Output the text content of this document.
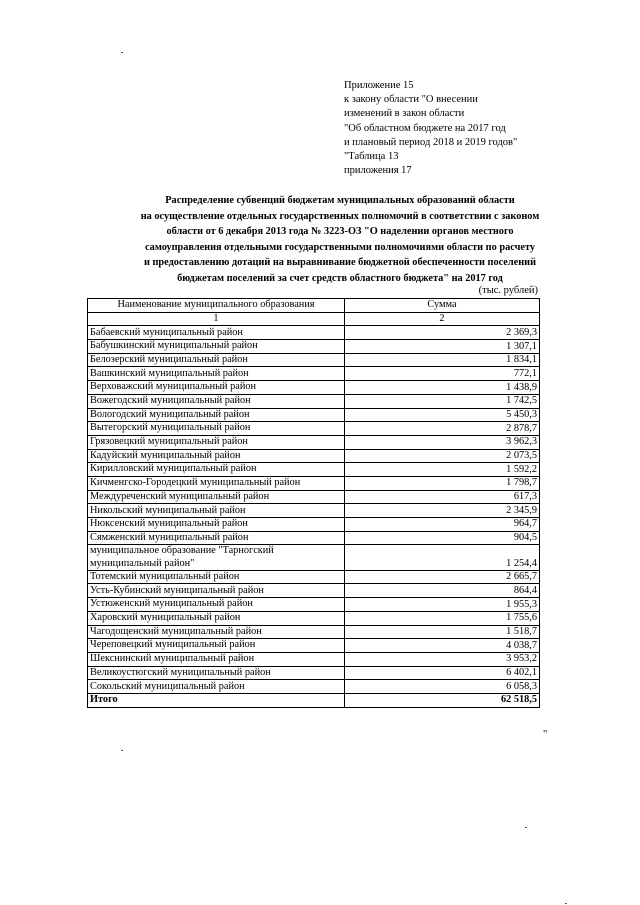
Приложение 15
к закону области "О внесении
изменений в закон области
"Об областном бюджете на 2017 год
и плановый период 2018 и 2019 годов"
"Таблица 13
приложения 17
Распределение субвенций бюджетам муниципальных образований области
на осуществление отдельных государственных полномочий в соответствии с законом
области от 6 декабря 2013 года № 3223-ОЗ "О наделении органов местного
самоуправления отдельными государственными полномочиями области по расчету
и предоставлению дотаций на выравнивание бюджетной обеспеченности поселений
бюджетам поселений за счет средств областного бюджета" на 2017 год
(тыс. рублей)
Наименование муниципального образования	Сумма
1	2
Бабаевский муниципальный район	2 369,3
Бабушкинский муниципальный район	1 307,1
Белозерский муниципальный район	1 834,1
Вашкинский муниципальный район	772,1
Верховажский муниципальный район	1 438,9
Вожегодский муниципальный район	1 742,5
Вологодский муниципальный район	5 450,3
Вытегорский муниципальный район	2 878,7
Грязовецкий муниципальный район	3 962,3
Кадуйский муниципальный район	2 073,5
Кирилловский муниципальный район	1 592,2
Кичменгско-Городецкий муниципальный район	1 798,7
Междуреченский муниципальный район	617,3
Никольский муниципальный район	2 345,9
Нюксенский муниципальный район	964,7
Сямженский муниципальный район	904,5
муниципальное образование "Тарногский муниципальный район"	1 254,4
Тотемский муниципальный район	2 665,7
Усть-Кубинский муниципальный район	864,4
Устюженский муниципальный район	1 955,3
Харовский муниципальный район	1 755,6
Чагодощенский муниципальный район	1 518,7
Череповецкий муниципальный район	4 038,7
Шекснинский муниципальный район	3 953,2
Великоустюгский муниципальный район	6 402,1
Сокольский муниципальный район	6 058,3
Итого	62 518,5
"
